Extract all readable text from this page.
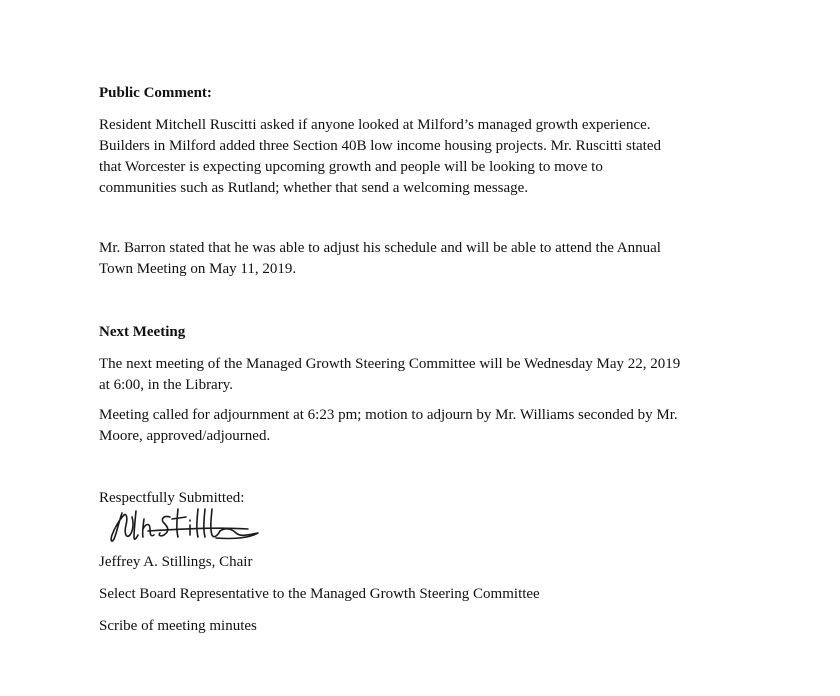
Public Comment:

Resident Mitchell Ruscitti asked if anyone looked at Milford’s managed growth experience.
Builders in Milford added three Section 40B low income housing projects. Mr. Ruscitti stated
that Worcester is expecting upcoming growth and people will be looking to move to
communities such as Rutland; whether that send a welcoming message.
Mr. Barron stated that he was able to adjust his schedule and will be able to attend the Annual
Town Meeting on May 11, 2019.

Next Meeting

The next meeting of the Managed Growth Steering Committee will be Wednesday May 22, 2019
at 6:00, in the Library.
Meeting called for adjournment at 6:23 pm; motion to adjourn by Mr. Williams seconded by Mr.
Moore, approved/adjourned.

Respectfully Submitted:

Jeffrey A. Stillings, Chair

Select Board Representative to the Managed Growth Steering Committee

Scribe of meeting minutes
